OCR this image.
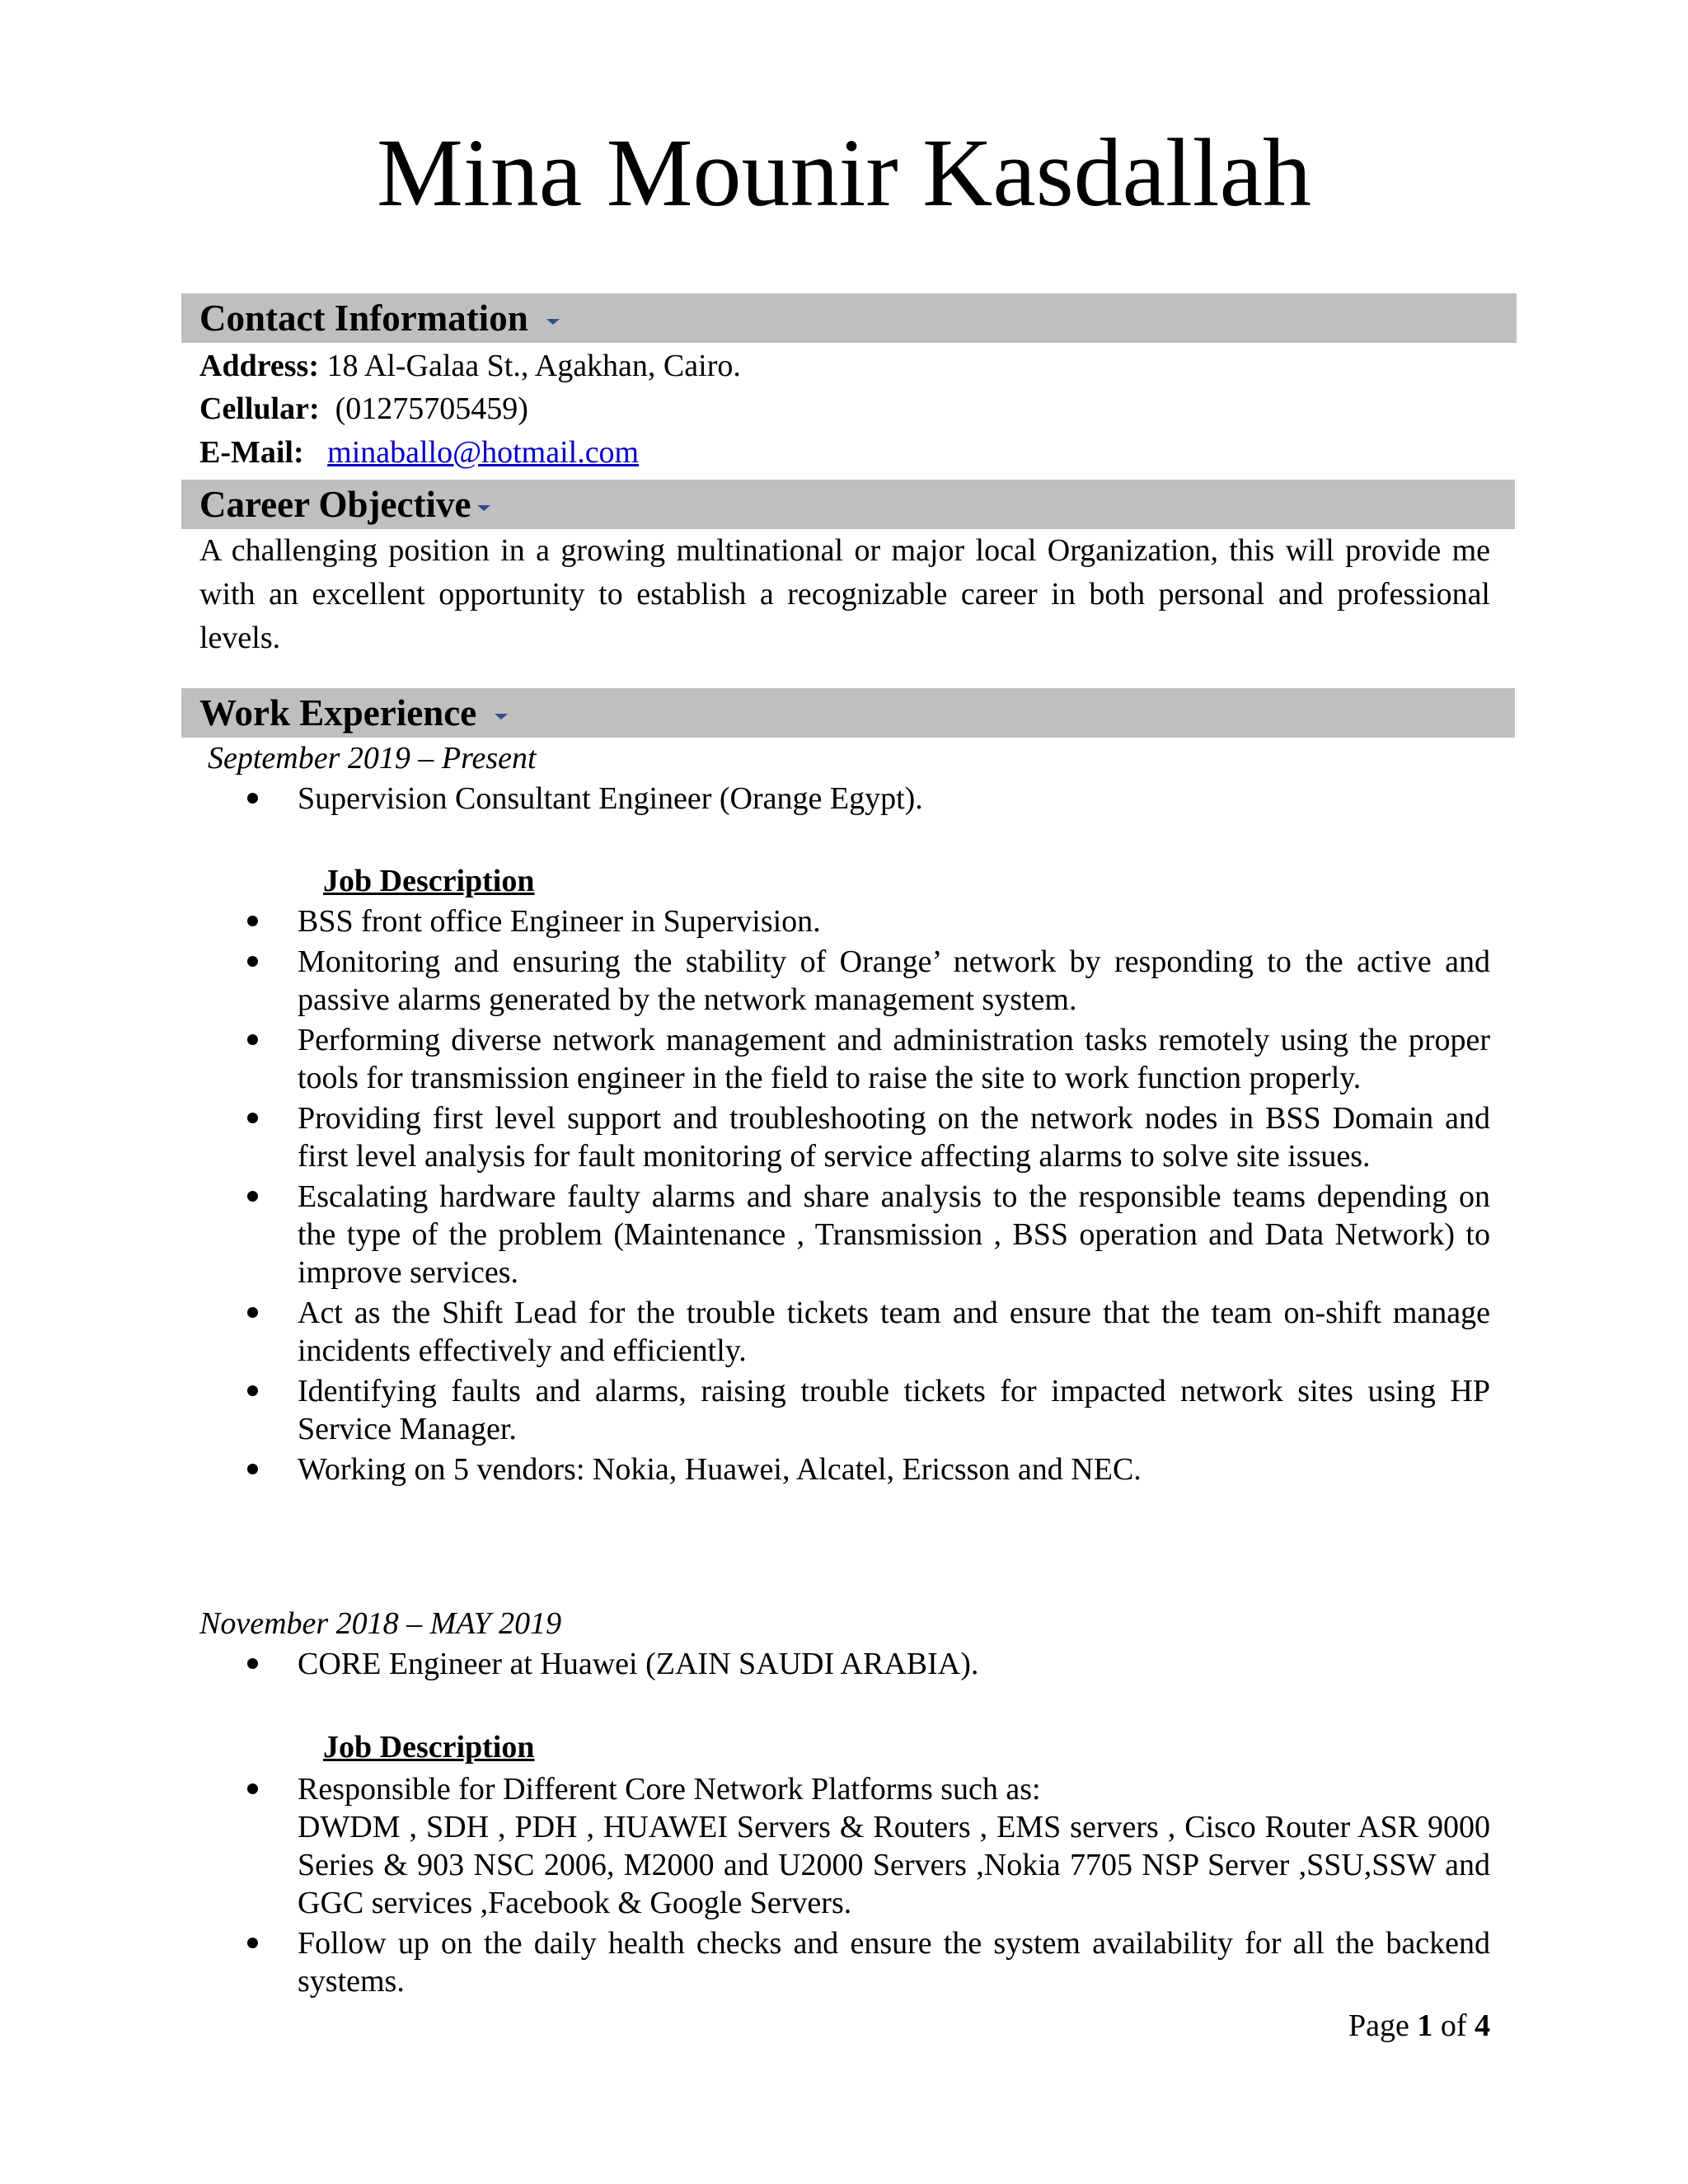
Mina Mounir Kasdallah
Contact Information
Address: 18 Al-Galaa St., Agakhan, Cairo.
Cellular: (01275705459)
E-Mail: minaballo@hotmail.com
Career Objective
A challenging position in a growing multinational or major local Organization, this will provide me with an excellent opportunity to establish a recognizable career in both personal and professional levels.
Work Experience
September 2019 – Present
Supervision Consultant Engineer (Orange Egypt).
Job Description
BSS front office Engineer in Supervision.
Monitoring and ensuring the stability of Orange’ network by responding to the active and passive alarms generated by the network management system.
Performing diverse network management and administration tasks remotely using the proper tools for transmission engineer in the field to raise the site to work function properly.
Providing first level support and troubleshooting on the network nodes in BSS Domain and first level analysis for fault monitoring of service affecting alarms to solve site issues.
Escalating hardware faulty alarms and share analysis to the responsible teams depending on the type of the problem (Maintenance , Transmission , BSS operation and Data Network) to improve services.
Act as the Shift Lead for the trouble tickets team and ensure that the team on-shift manage incidents effectively and efficiently.
Identifying faults and alarms, raising trouble tickets for impacted network sites using HP Service Manager.
Working on 5 vendors: Nokia, Huawei, Alcatel, Ericsson and NEC.
November 2018 – MAY 2019
CORE Engineer at Huawei (ZAIN SAUDI ARABIA).
Job Description
Responsible for Different Core Network Platforms such as:
DWDM , SDH , PDH , HUAWEI Servers & Routers , EMS servers , Cisco Router ASR 9000 Series & 903 NSC 2006, M2000 and U2000 Servers ,Nokia 7705 NSP Server ,SSU,SSW and GGC services ,Facebook & Google Servers.
Follow up on the daily health checks and ensure the system availability for all the backend systems.
Page 1 of 4
